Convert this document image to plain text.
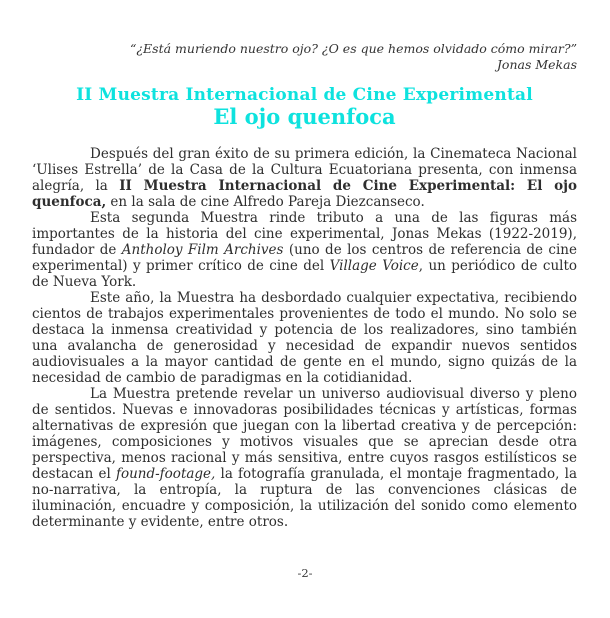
“¿Está muriendo nuestro ojo? ¿O es que hemos olvidado cómo mirar?”
Jonas Mekas
II Muestra Internacional de Cine Experimental
El ojo quenfoca

Después del gran éxito de su primera edición, la Cinemateca Nacional ‘Ulises Estrella’ de la Casa de la Cultura Ecuatoriana presenta, con inmensa alegría, la II Muestra Internacional de Cine Experimental: El ojo quenfoca, en la sala de cine Alfredo Pareja Diezcanseco.

Esta segunda Muestra rinde tributo a una de las figuras más importantes de la historia del cine experimental, Jonas Mekas (1922-2019), fundador de Antholoy Film Archives (uno de los centros de referencia de cine experimental) y primer crítico de cine del Village Voice, un periódico de culto de Nueva York.

Este año, la Muestra ha desbordado cualquier expectativa, recibiendo cientos de trabajos experimentales provenientes de todo el mundo. No solo se destaca la inmensa creatividad y potencia de los realizadores, sino también una avalancha de generosidad y necesidad de expandir nuevos sentidos audiovisuales a la mayor cantidad de gente en el mundo, signo quizás de la necesidad de cambio de paradigmas en la cotidianidad.

La Muestra pretende revelar un universo audiovisual diverso y pleno de sentidos. Nuevas e innovadoras posibilidades técnicas y artísticas, formas alternativas de expresión que juegan con la libertad creativa y de percepción: imágenes, composiciones y motivos visuales que se aprecian desde otra perspectiva, menos racional y más sensitiva, entre cuyos rasgos estilísticos se destacan el found-footage, la fotografía granulada, el montaje fragmentado, la no-narrativa, la entropía, la ruptura de las convenciones clásicas de iluminación, encuadre y composición, la utilización del sonido como elemento determinante y evidente, entre otros.

-2-
